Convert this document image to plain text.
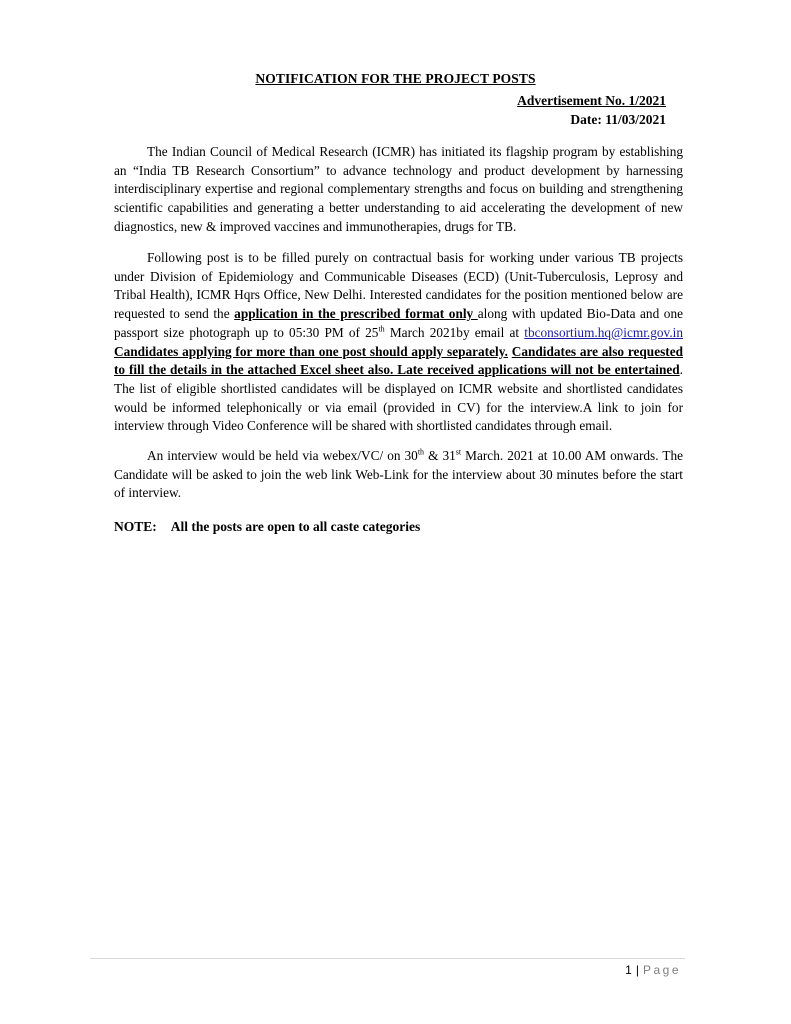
NOTIFICATION FOR THE PROJECT POSTS
Advertisement No. 1/2021
Date: 11/03/2021

The Indian Council of Medical Research (ICMR) has initiated its flagship program by establishing an “India TB Research Consortium” to advance technology and product development by harnessing interdisciplinary expertise and regional complementary strengths and focus on building and strengthening scientific capabilities and generating a better understanding to aid accelerating the development of new diagnostics, new & improved vaccines and immunotherapies, drugs for TB.

Following post is to be filled purely on contractual basis for working under various TB projects under Division of Epidemiology and Communicable Diseases (ECD) (Unit-Tuberculosis, Leprosy and Tribal Health), ICMR Hqrs Office, New Delhi. Interested candidates for the position mentioned below are requested to send the application in the prescribed format only along with updated Bio-Data and one passport size photograph up to 05:30 PM of 25th March 2021by email at tbconsortium.hq@icmr.gov.in Candidates applying for more than one post should apply separately. Candidates are also requested to fill the details in the attached Excel sheet also. Late received applications will not be entertained. The list of eligible shortlisted candidates will be displayed on ICMR website and shortlisted candidates would be informed telephonically or via email (provided in CV) for the interview.A link to join for interview through Video Conference will be shared with shortlisted candidates through email.

An interview would be held via webex/VC/ on 30th & 31st March. 2021 at 10.00 AM onwards. The Candidate will be asked to join the web link Web-Link for the interview about 30 minutes before the start of interview.

NOTE: All the posts are open to all caste categories
1 | Page
